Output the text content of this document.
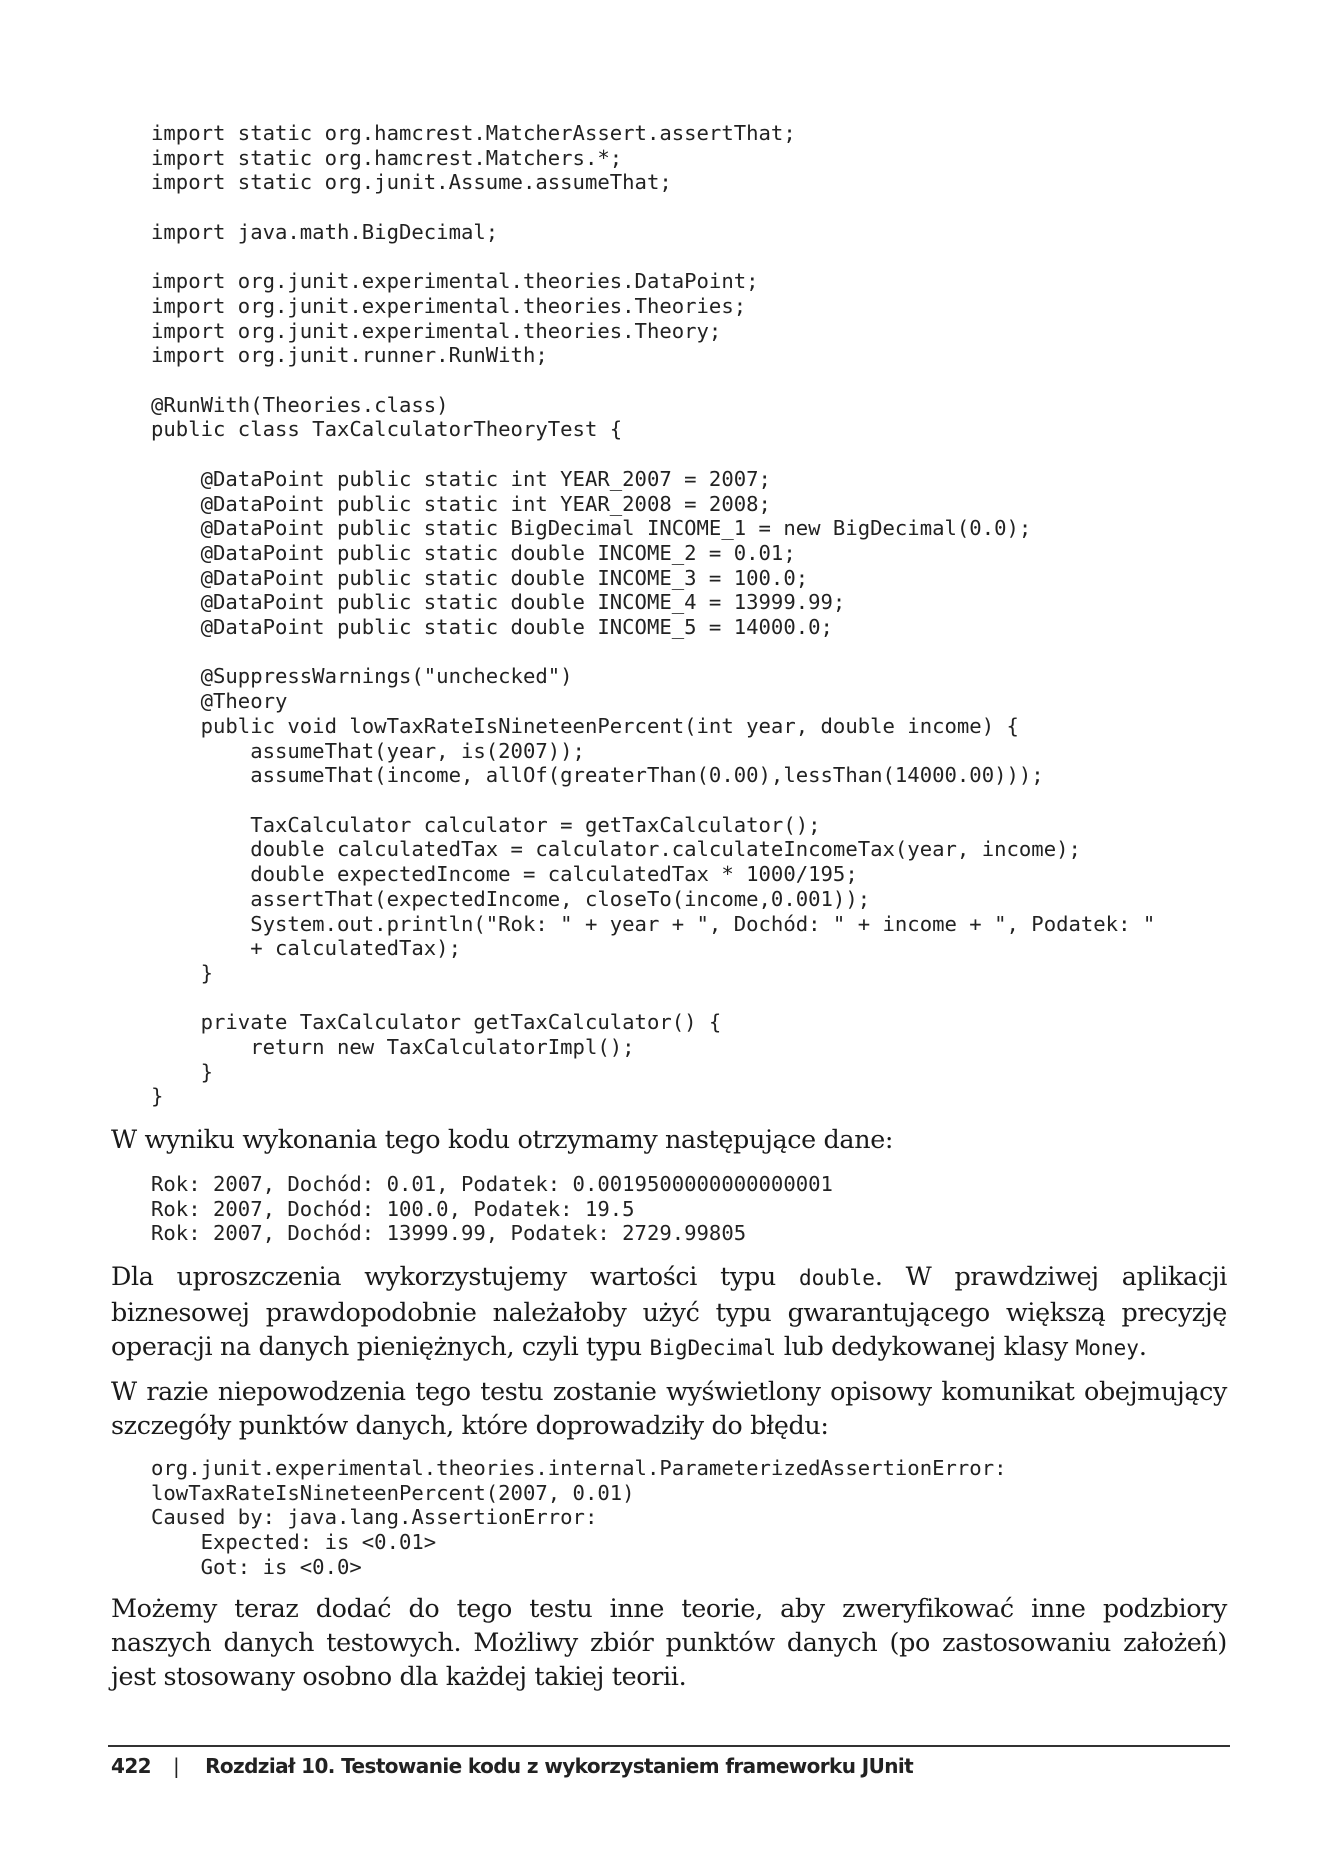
import static org.hamcrest.MatcherAssert.assertThat;
import static org.hamcrest.Matchers.*;
import static org.junit.Assume.assumeThat;

import java.math.BigDecimal;

import org.junit.experimental.theories.DataPoint;
import org.junit.experimental.theories.Theories;
import org.junit.experimental.theories.Theory;
import org.junit.runner.RunWith;

@RunWith(Theories.class)
public class TaxCalculatorTheoryTest {

@DataPoint public static int YEAR_2007 = 2007;
@DataPoint public static int YEAR_2008 = 2008;
@DataPoint public static BigDecimal INCOME_1 = new BigDecimal(0.0);
@DataPoint public static double INCOME_2 = 0.01;
@DataPoint public static double INCOME_3 = 100.0;
@DataPoint public static double INCOME_4 = 13999.99;
@DataPoint public static double INCOME_5 = 14000.0;

@SuppressWarnings("unchecked")
@Theory
public void lowTaxRateIsNineteenPercent(int year, double income) {
assumeThat(year, is(2007));
assumeThat(income, allOf(greaterThan(0.00),lessThan(14000.00)));

TaxCalculator calculator = getTaxCalculator();
double calculatedTax = calculator.calculateIncomeTax(year, income);
double expectedIncome = calculatedTax * 1000/195;
assertThat(expectedIncome, closeTo(income,0.001));
System.out.println("Rok: " + year + ", Dochód: " + income + ", Podatek: "
+ calculatedTax);
}

private TaxCalculator getTaxCalculator() {
return new TaxCalculatorImpl();
}
}

W wyniku wykonania tego kodu otrzymamy następujące dane:

Rok: 2007, Dochód: 0.01, Podatek: 0.0019500000000000001
Rok: 2007, Dochód: 100.0, Podatek: 19.5
Rok: 2007, Dochód: 13999.99, Podatek: 2729.99805

Dla uproszczenia wykorzystujemy wartości typu double. W prawdziwej aplikacji biznesowej prawdopodobnie należałoby użyć typu gwarantującego większą precyzję operacji na danych pieniężnych, czyli typu BigDecimal lub dedykowanej klasy Money.

W razie niepowodzenia tego testu zostanie wyświetlony opisowy komunikat obejmujący szczegóły punktów danych, które doprowadziły do błędu:

org.junit.experimental.theories.internal.ParameterizedAssertionError:
lowTaxRateIsNineteenPercent(2007, 0.01)
Caused by: java.lang.AssertionError:
Expected: is <0.01>
Got: is <0.0>

Możemy teraz dodać do tego testu inne teorie, aby zweryfikować inne podzbiory naszych danych testowych. Możliwy zbiór punktów danych (po zastosowaniu założeń) jest stosowany osobno dla każdej takiej teorii.

422 | Rozdział 10. Testowanie kodu z wykorzystaniem frameworku JUnit
